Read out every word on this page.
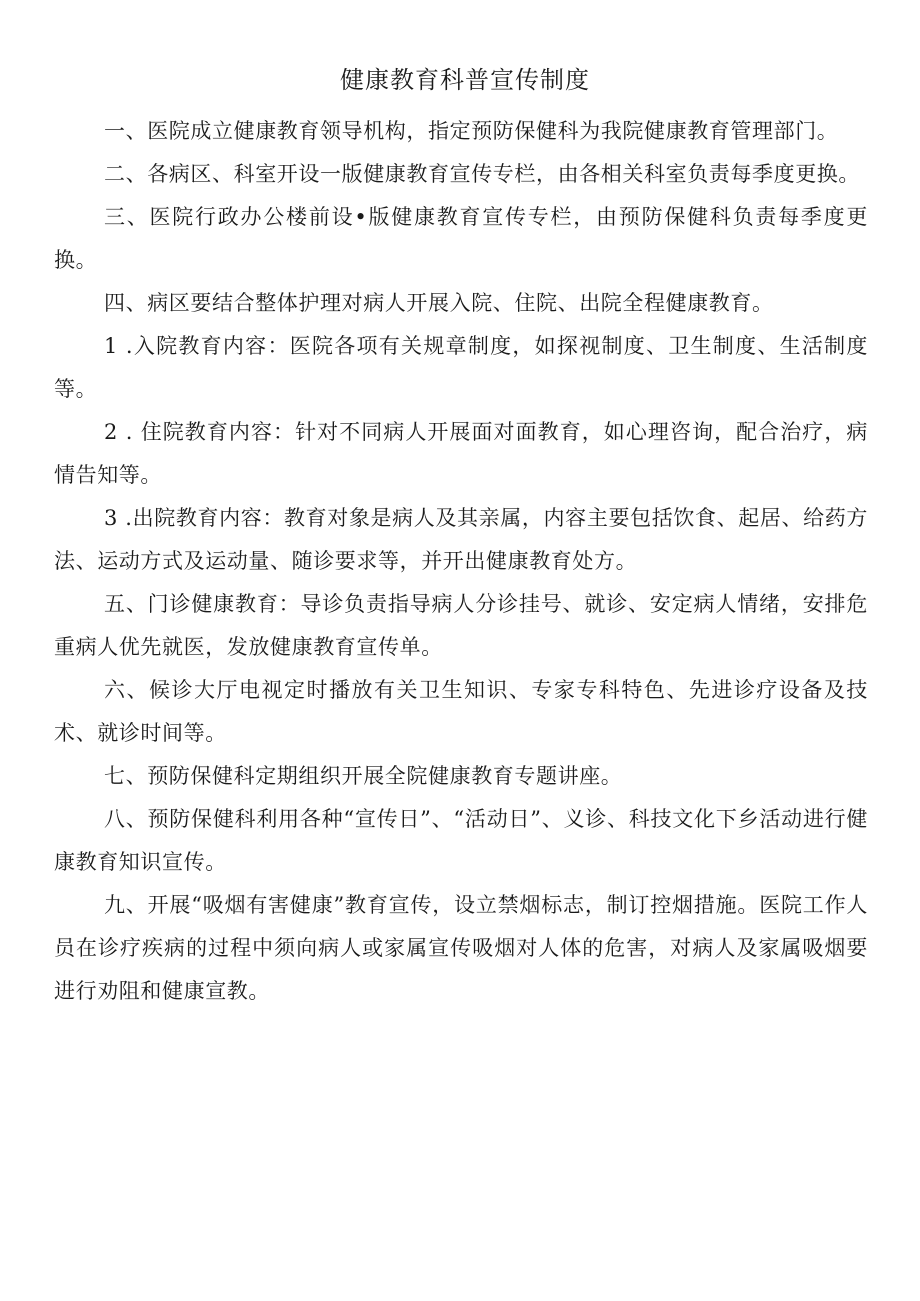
健康教育科普宣传制度

一、医院成立健康教育领导机构，指定预防保健科为我院健康教育管理部门。

二、各病区、科室开设一版健康教育宣传专栏，由各相关科室负责每季度更换。

三、医院行政办公楼前设•版健康教育宣传专栏，由预防保健科负责每季度更换。

四、病区要结合整体护理对病人开展入院、住院、出院全程健康教育。

1 .入院教育内容：医院各项有关规章制度，如探视制度、卫生制度、生活制度等。

2 . 住院教育内容：针对不同病人开展面对面教育，如心理咨询，配合治疗，病情告知等。

3 .出院教育内容：教育对象是病人及其亲属，内容主要包括饮食、起居、给药方法、运动方式及运动量、随诊要求等，并开出健康教育处方。

五、门诊健康教育：导诊负责指导病人分诊挂号、就诊、安定病人情绪，安排危重病人优先就医，发放健康教育宣传单。

六、候诊大厅电视定时播放有关卫生知识、专家专科特色、先进诊疗设备及技术、就诊时间等。

七、预防保健科定期组织开展全院健康教育专题讲座。

八、预防保健科利用各种“宣传日”、“活动日”、义诊、科技文化下乡活动进行健康教育知识宣传。

九、开展“吸烟有害健康”教育宣传，设立禁烟标志，制订控烟措施。医院工作人员在诊疗疾病的过程中须向病人或家属宣传吸烟对人体的危害，对病人及家属吸烟要进行劝阻和健康宣教。
